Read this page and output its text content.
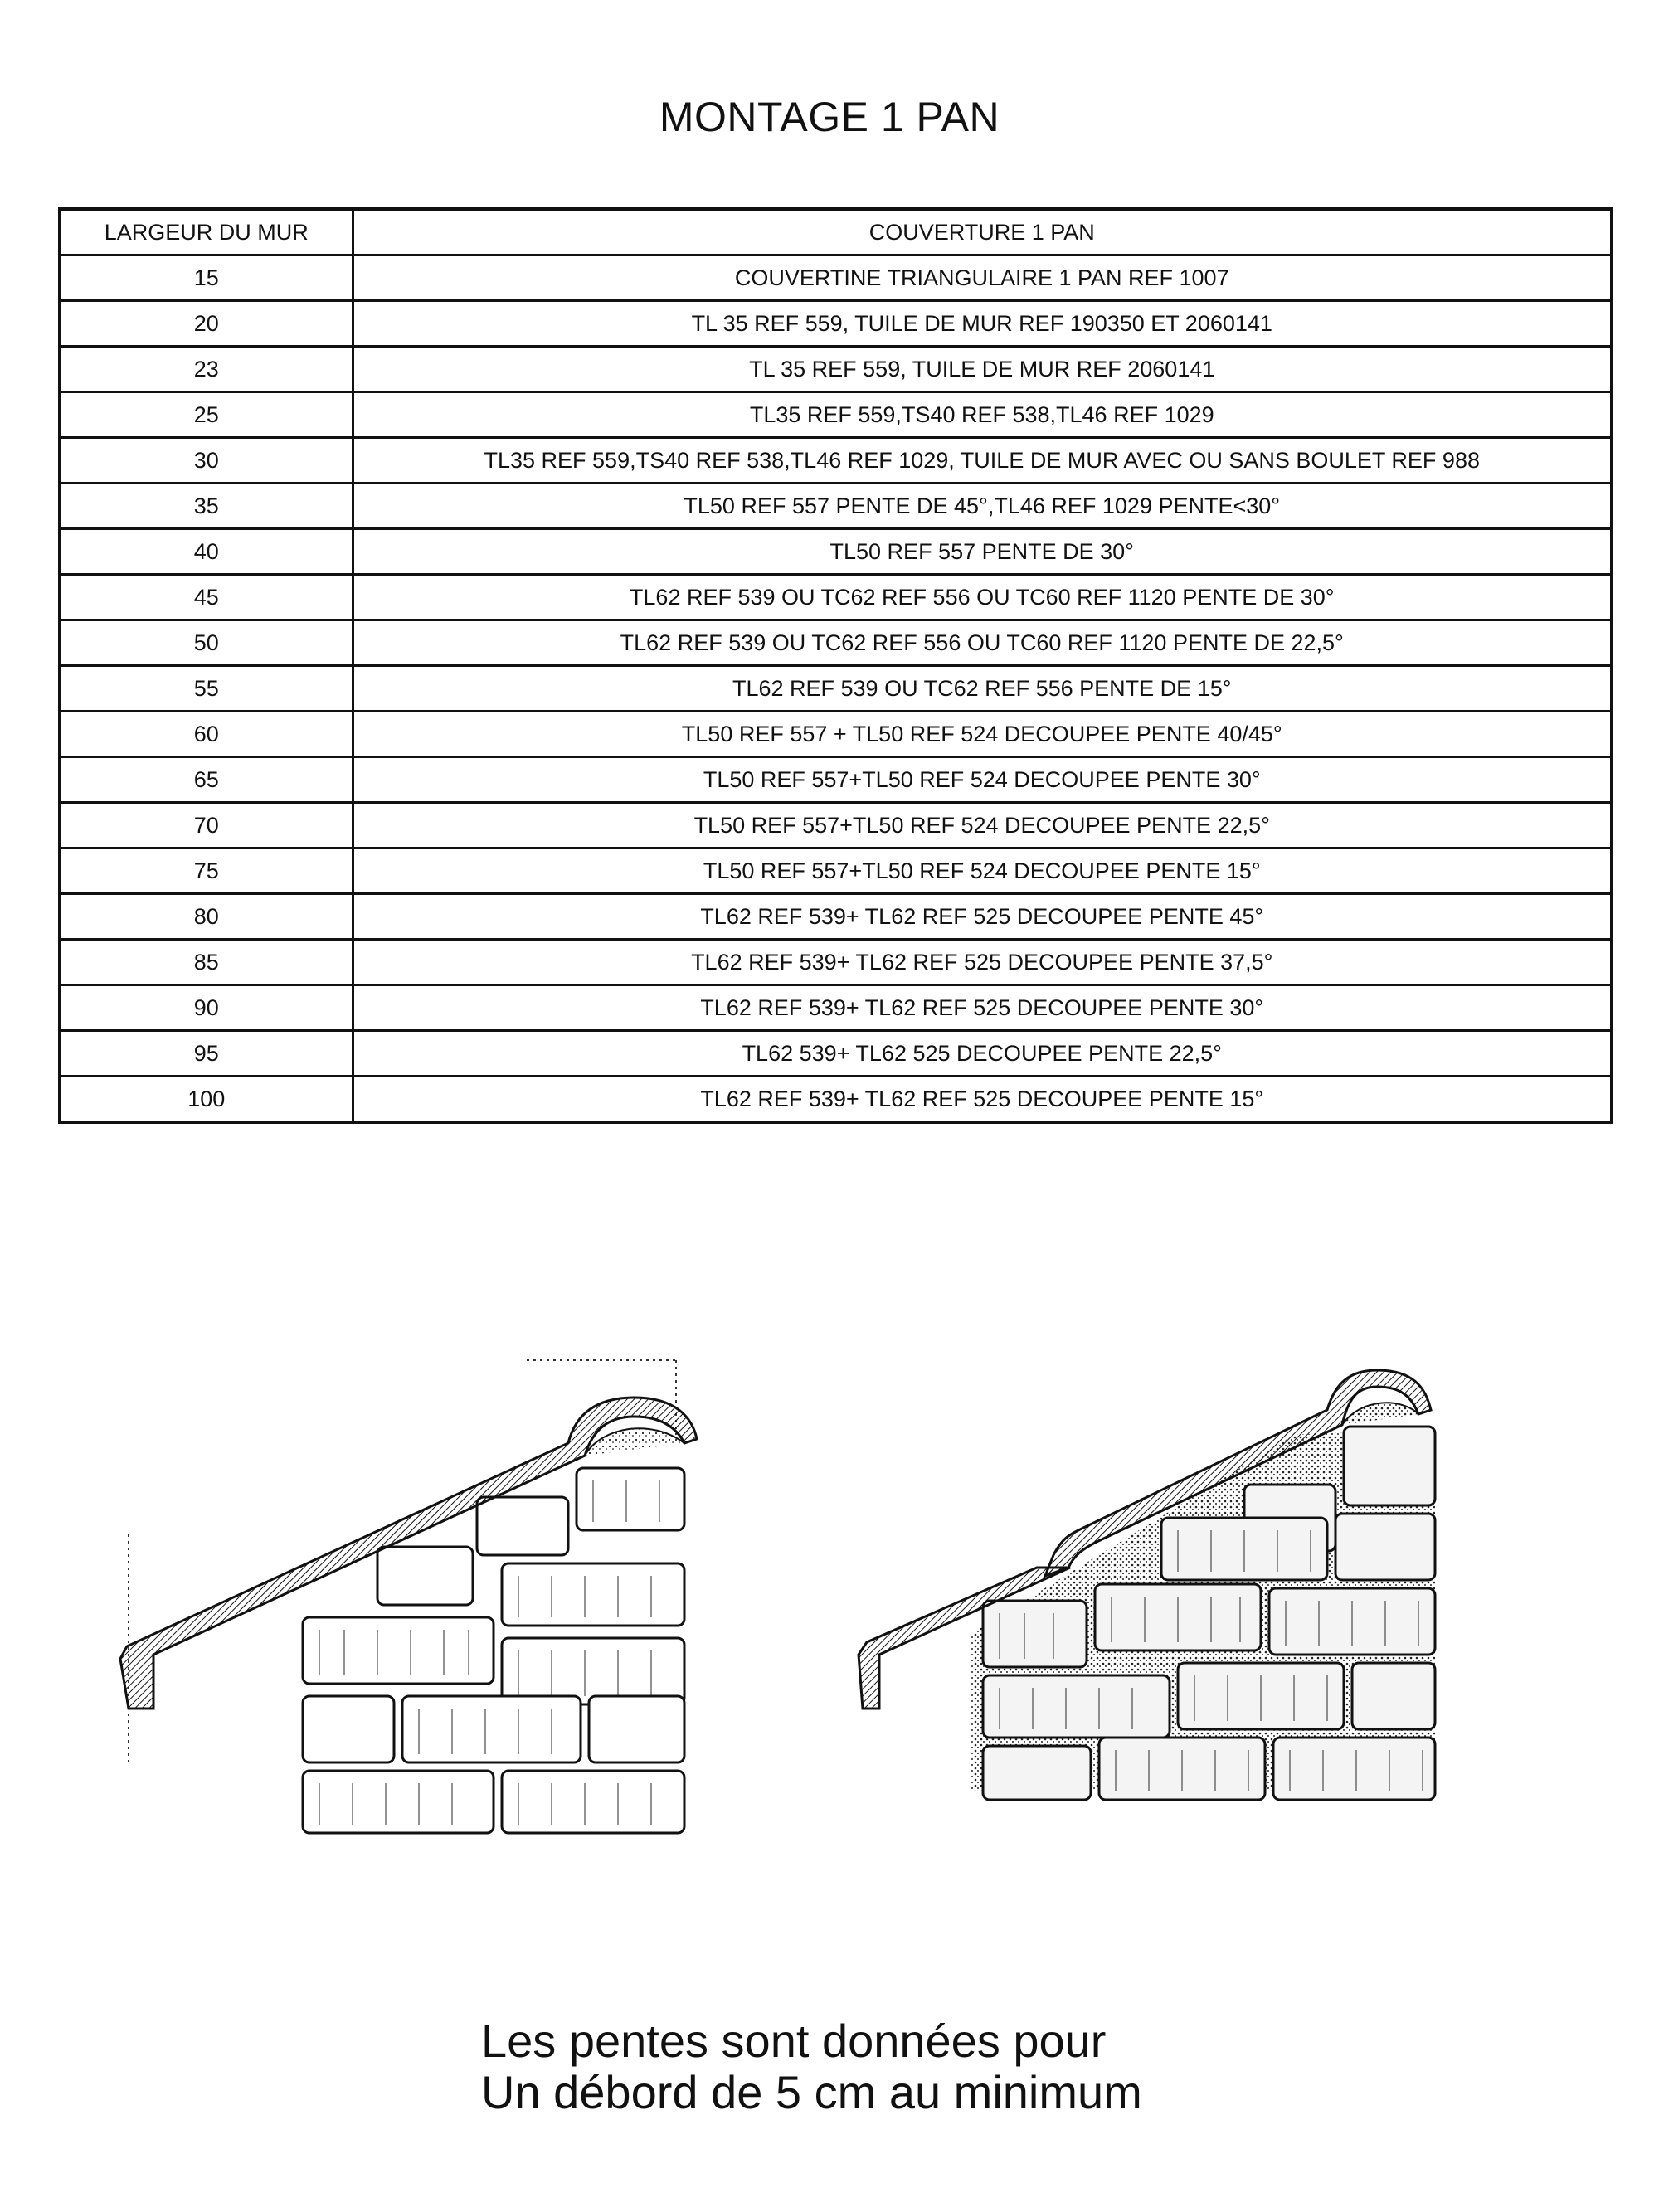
MONTAGE 1 PAN
LARGEUR DU MUR	COUVERTURE 1 PAN
15	COUVERTINE TRIANGULAIRE 1 PAN REF 1007
20	TL 35 REF 559, TUILE DE MUR REF 190350 ET 2060141
23	TL 35 REF 559, TUILE DE MUR REF 2060141
25	TL35 REF 559,TS40 REF 538,TL46 REF 1029
30	TL35 REF 559,TS40 REF 538,TL46 REF 1029, TUILE DE MUR AVEC OU SANS BOULET REF 988
35	TL50 REF 557 PENTE DE 45°,TL46 REF 1029 PENTE<30°
40	TL50 REF 557 PENTE DE 30°
45	TL62 REF 539 OU TC62 REF 556 OU TC60 REF 1120 PENTE DE 30°
50	TL62 REF 539 OU TC62 REF 556 OU TC60 REF 1120 PENTE DE 22,5°
55	TL62 REF 539 OU TC62 REF 556 PENTE DE 15°
60	TL50 REF 557 + TL50 REF 524 DECOUPEE PENTE 40/45°
65	TL50 REF 557+TL50 REF 524 DECOUPEE PENTE 30°
70	TL50 REF 557+TL50 REF 524 DECOUPEE PENTE 22,5°
75	TL50 REF 557+TL50 REF 524 DECOUPEE PENTE 15°
80	TL62 REF 539+ TL62 REF 525 DECOUPEE PENTE 45°
85	TL62 REF 539+ TL62 REF 525 DECOUPEE PENTE 37,5°
90	TL62 REF 539+ TL62 REF 525 DECOUPEE PENTE 30°
95	TL62 539+ TL62 525 DECOUPEE PENTE 22,5°
100	TL62 REF 539+ TL62 REF 525 DECOUPEE PENTE 15°
Les pentes sont données pour
Un débord de 5 cm au minimum
